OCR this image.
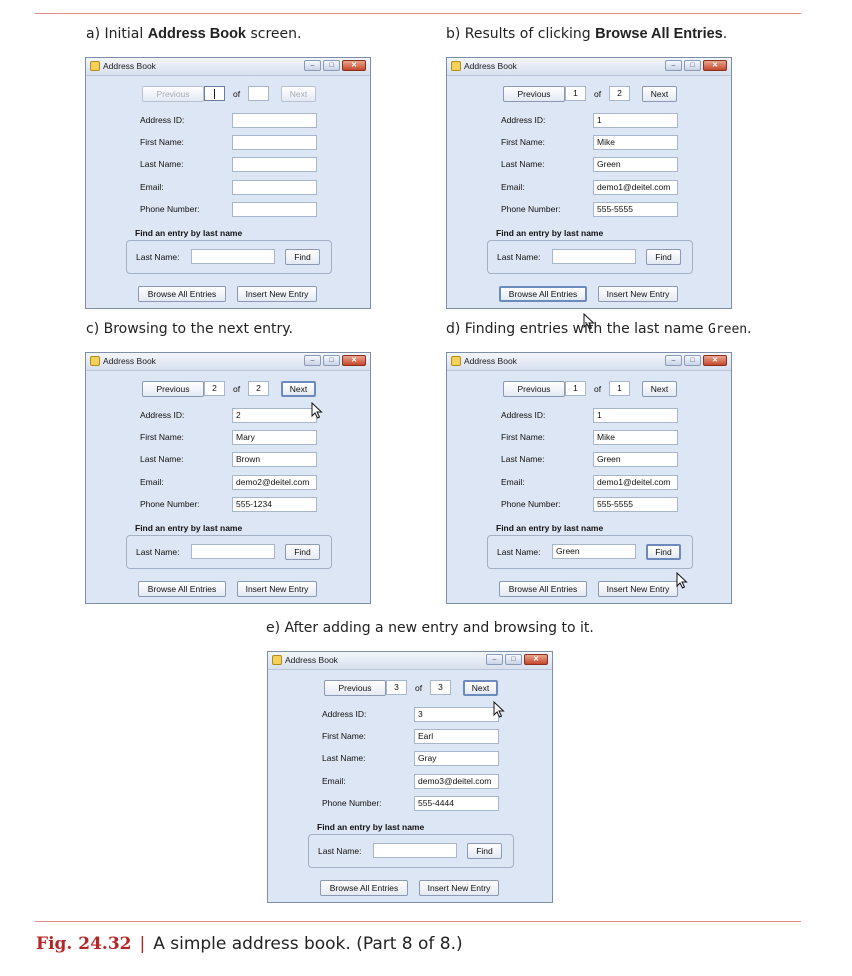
a) Initial Address Book screen.
Address Book	–	□	✕
Previous	of	Next
Address ID:
First Name:
Last Name:
Email:
Phone Number:
Find an entry by last name
Last Name:	Find
Browse All Entries	Insert New Entry
b) Results of clicking Browse All Entries.
Address Book	–	□	✕
Previous	1	of	2	Next
Address ID:	1
First Name:	Mike
Last Name:	Green
Email:	demo1@deitel.com
Phone Number:	555-5555
Find an entry by last name
Last Name:	Find
Browse All Entries	Insert New Entry
c) Browsing to the next entry.
Address Book	–	□	✕
Previous	2	of	2	Next
Address ID:	2
First Name:	Mary
Last Name:	Brown
Email:	demo2@deitel.com
Phone Number:	555-1234
Find an entry by last name
Last Name:	Find
Browse All Entries	Insert New Entry
d) Finding entries with the last name Green.
Address Book	–	□	✕
Previous	1	of	1	Next
Address ID:	1
First Name:	Mike
Last Name:	Green
Email:	demo1@deitel.com
Phone Number:	555-5555
Find an entry by last name
Last Name:	Green	Find
Browse All Entries	Insert New Entry
e) After adding a new entry and browsing to it.
Address Book	–	□	✕
Previous	3	of	3	Next
Address ID:	3
First Name:	Earl
Last Name:	Gray
Email:	demo3@deitel.com
Phone Number:	555-4444
Find an entry by last name
Last Name:	Find
Browse All Entries	Insert New Entry
Fig. 24.32 | A simple address book. (Part 8 of 8.)
